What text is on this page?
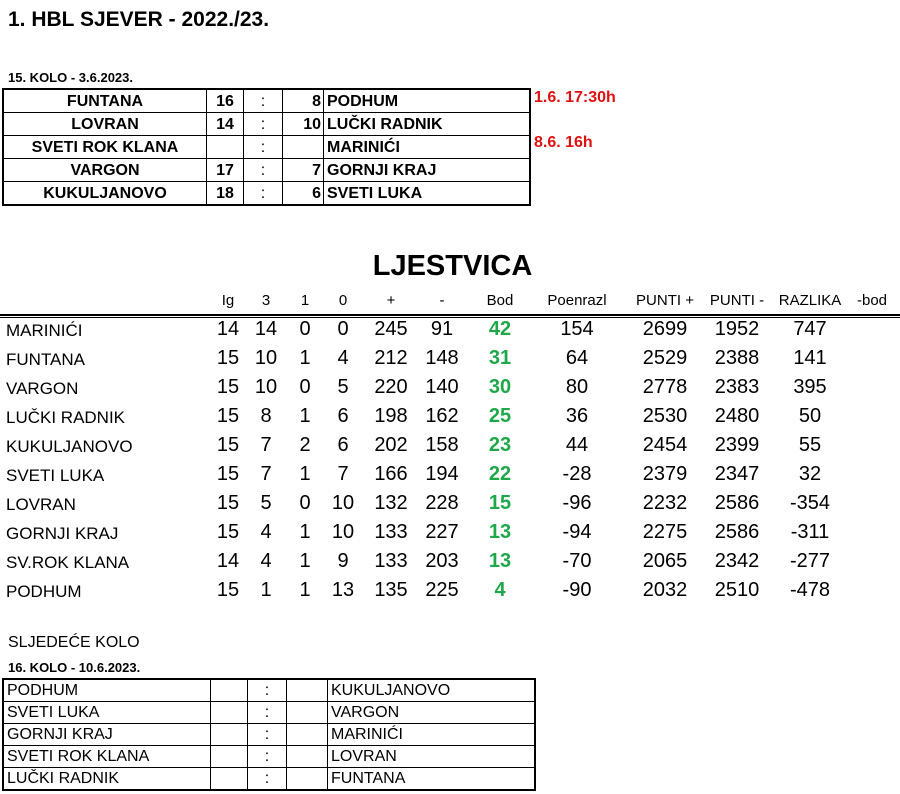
1. HBL SJEVER - 2022./23.
15. KOLO - 3.6.2023.
FUNTANA	16	:	8	PODHUM
LOVRAN	14	:	10	LUČKI RADNIK
SVETI ROK KLANA		:		MARINIĆI
VARGON	17	:	7	GORNJI KRAJ
KUKULJANOVO	18	:	6	SVETI LUKA
1.6. 17:30h
8.6. 16h
LJESTVICA
Ig 3 1 0	+	-	Bod Poenrazl PUNTI + PUNTI - RAZLIKA -bod
MARINIĆI	14 14 0 0 245 91 42 154 2699 1952 747
FUNTANA	15 10 1 4 212 148 31	64	2529 2388 141
VARGON	15 10 0 5 220 140 30	80	2778 2383 395
LUČKI RADNIK	15 8 1 6 198 162 25	36	2530 2480 50
KUKULJANOVO	15 7 2 6 202 158 23	44	2454 2399 55
SVETI LUKA	15 7 1 7 166 194 22	-28	2379 2347 32
LOVRAN	15 5 0 10 132 228 15	-96	2232 2586 -354
GORNJI KRAJ	15 4 1 10 133 227 13	-94	2275 2586 -311
SV.ROK KLANA	14 4 1 9 133 203 13	-70	2065 2342 -277
PODHUM	15 1 1 13 135 225 4	-90	2032 2510 -478
SLJEDEĆE KOLO
16. KOLO - 10.6.2023.
PODHUM		:		KUKULJANOVO
SVETI LUKA		:		VARGON
GORNJI KRAJ		:		MARINIĆI
SVETI ROK KLANA		:		LOVRAN
LUČKI RADNIK		:		FUNTANA
